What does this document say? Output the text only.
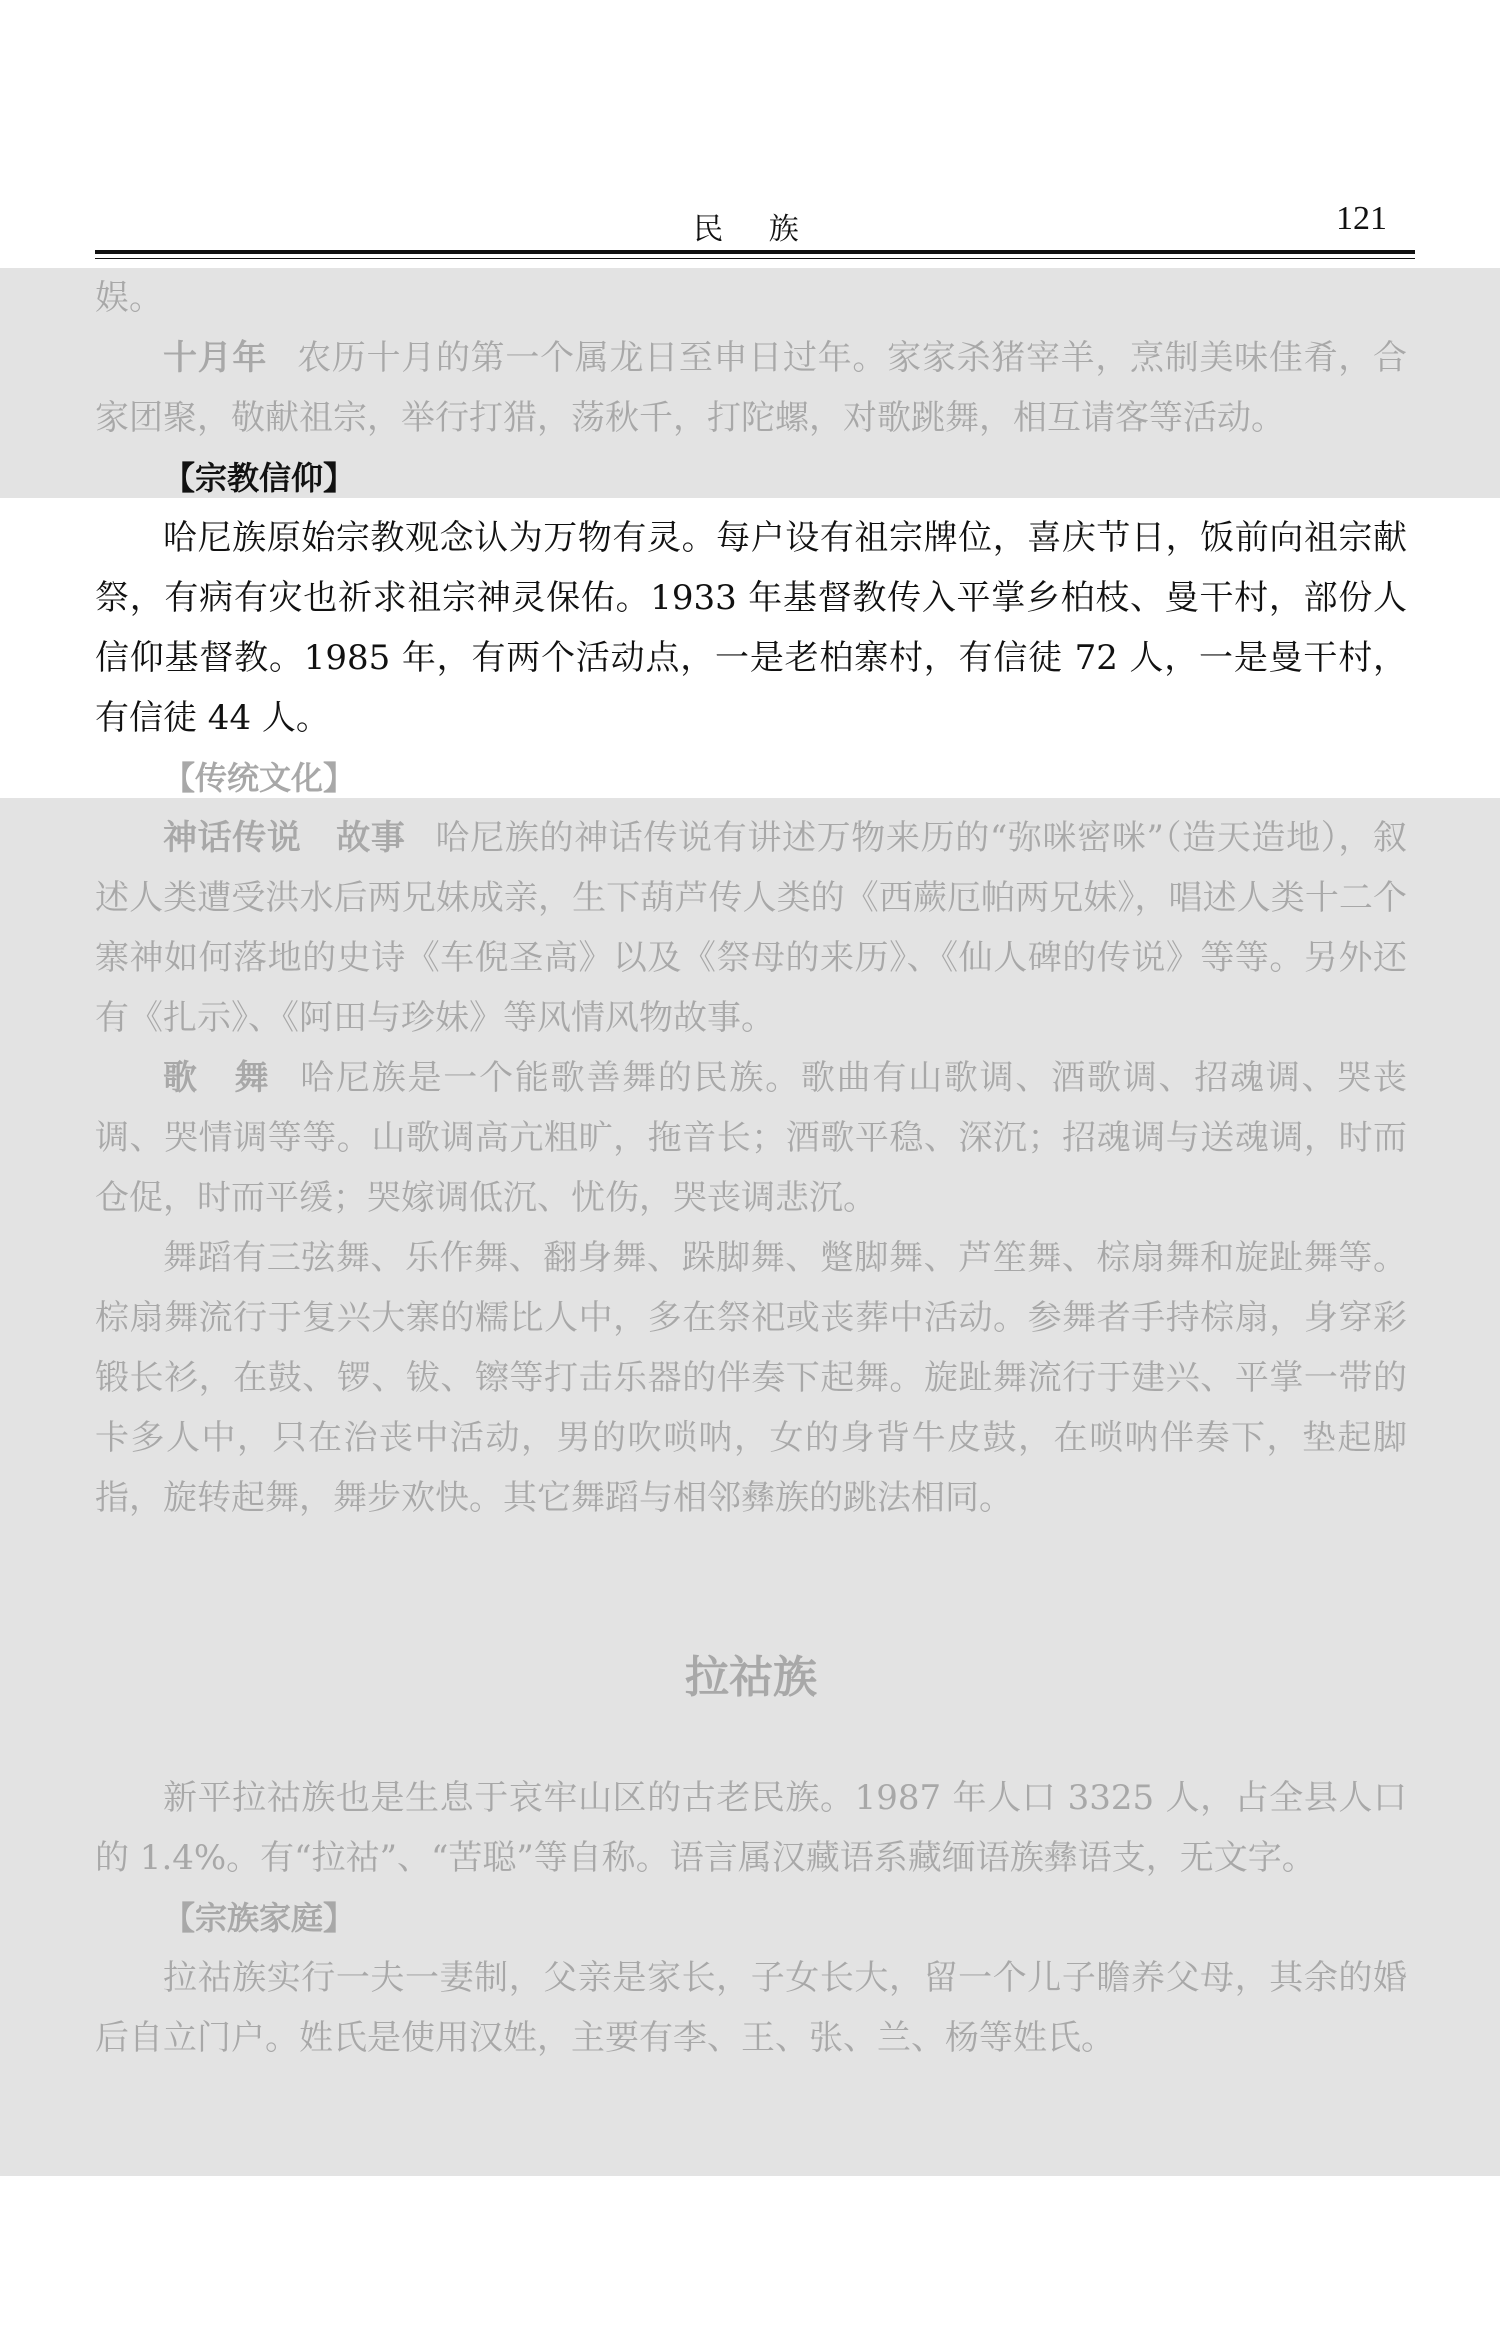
民 族	121

娱。

十月年 农历十月的第一个属龙日至申日过年。家家杀猪宰羊，烹制美味佳肴，合家团聚，敬献祖宗，举行打猎，荡秋千，打陀螺，对歌跳舞，相互请客等活动。

【宗教信仰】

哈尼族原始宗教观念认为万物有灵。每户设有祖宗牌位，喜庆节日，饭前向祖宗献祭，有病有灾也祈求祖宗神灵保佑。1933 年基督教传入平掌乡柏枝、曼干村，部份人信仰基督教。1985 年，有两个活动点，一是老柏寨村，有信徒 72 人，一是曼干村，有信徒 44 人。

【传统文化】

神话传说　故事 哈尼族的神话传说有讲述万物来历的“弥咪密咪”（造天造地），叙述人类遭受洪水后两兄妹成亲，生下葫芦传人类的《西蕨厄帕两兄妹》，唱述人类十二个寨神如何落地的史诗《车倪圣高》以及《祭母的来历》、《仙人碑的传说》等等。另外还有《扎示》、《阿田与珍妹》等风情风物故事。

歌　舞 哈尼族是一个能歌善舞的民族。歌曲有山歌调、酒歌调、招魂调、哭丧调、哭情调等等。山歌调高亢粗旷，拖音长；酒歌平稳、深沉；招魂调与送魂调，时而仓促，时而平缓；哭嫁调低沉、忧伤，哭丧调悲沉。

舞蹈有三弦舞、乐作舞、翻身舞、跺脚舞、蹩脚舞、芦笙舞、棕扇舞和旋趾舞等。棕扇舞流行于复兴大寨的糯比人中，多在祭祀或丧葬中活动。参舞者手持棕扇，身穿彩锻长衫，在鼓、锣、钹、镲等打击乐器的伴奏下起舞。旋趾舞流行于建兴、平掌一带的卡多人中，只在治丧中活动，男的吹唢呐，女的身背牛皮鼓，在唢呐伴奏下，垫起脚指，旋转起舞，舞步欢快。其它舞蹈与相邻彝族的跳法相同。

拉祜族

新平拉祜族也是生息于哀牢山区的古老民族。1987 年人口 3325 人，占全县人口的 1.4%。有“拉祜”、“苦聪”等自称。语言属汉藏语系藏缅语族彝语支，无文字。

【宗族家庭】

拉祜族实行一夫一妻制，父亲是家长，子女长大，留一个儿子瞻养父母，其余的婚后自立门户。姓氏是使用汉姓，主要有李、王、张、兰、杨等姓氏。
